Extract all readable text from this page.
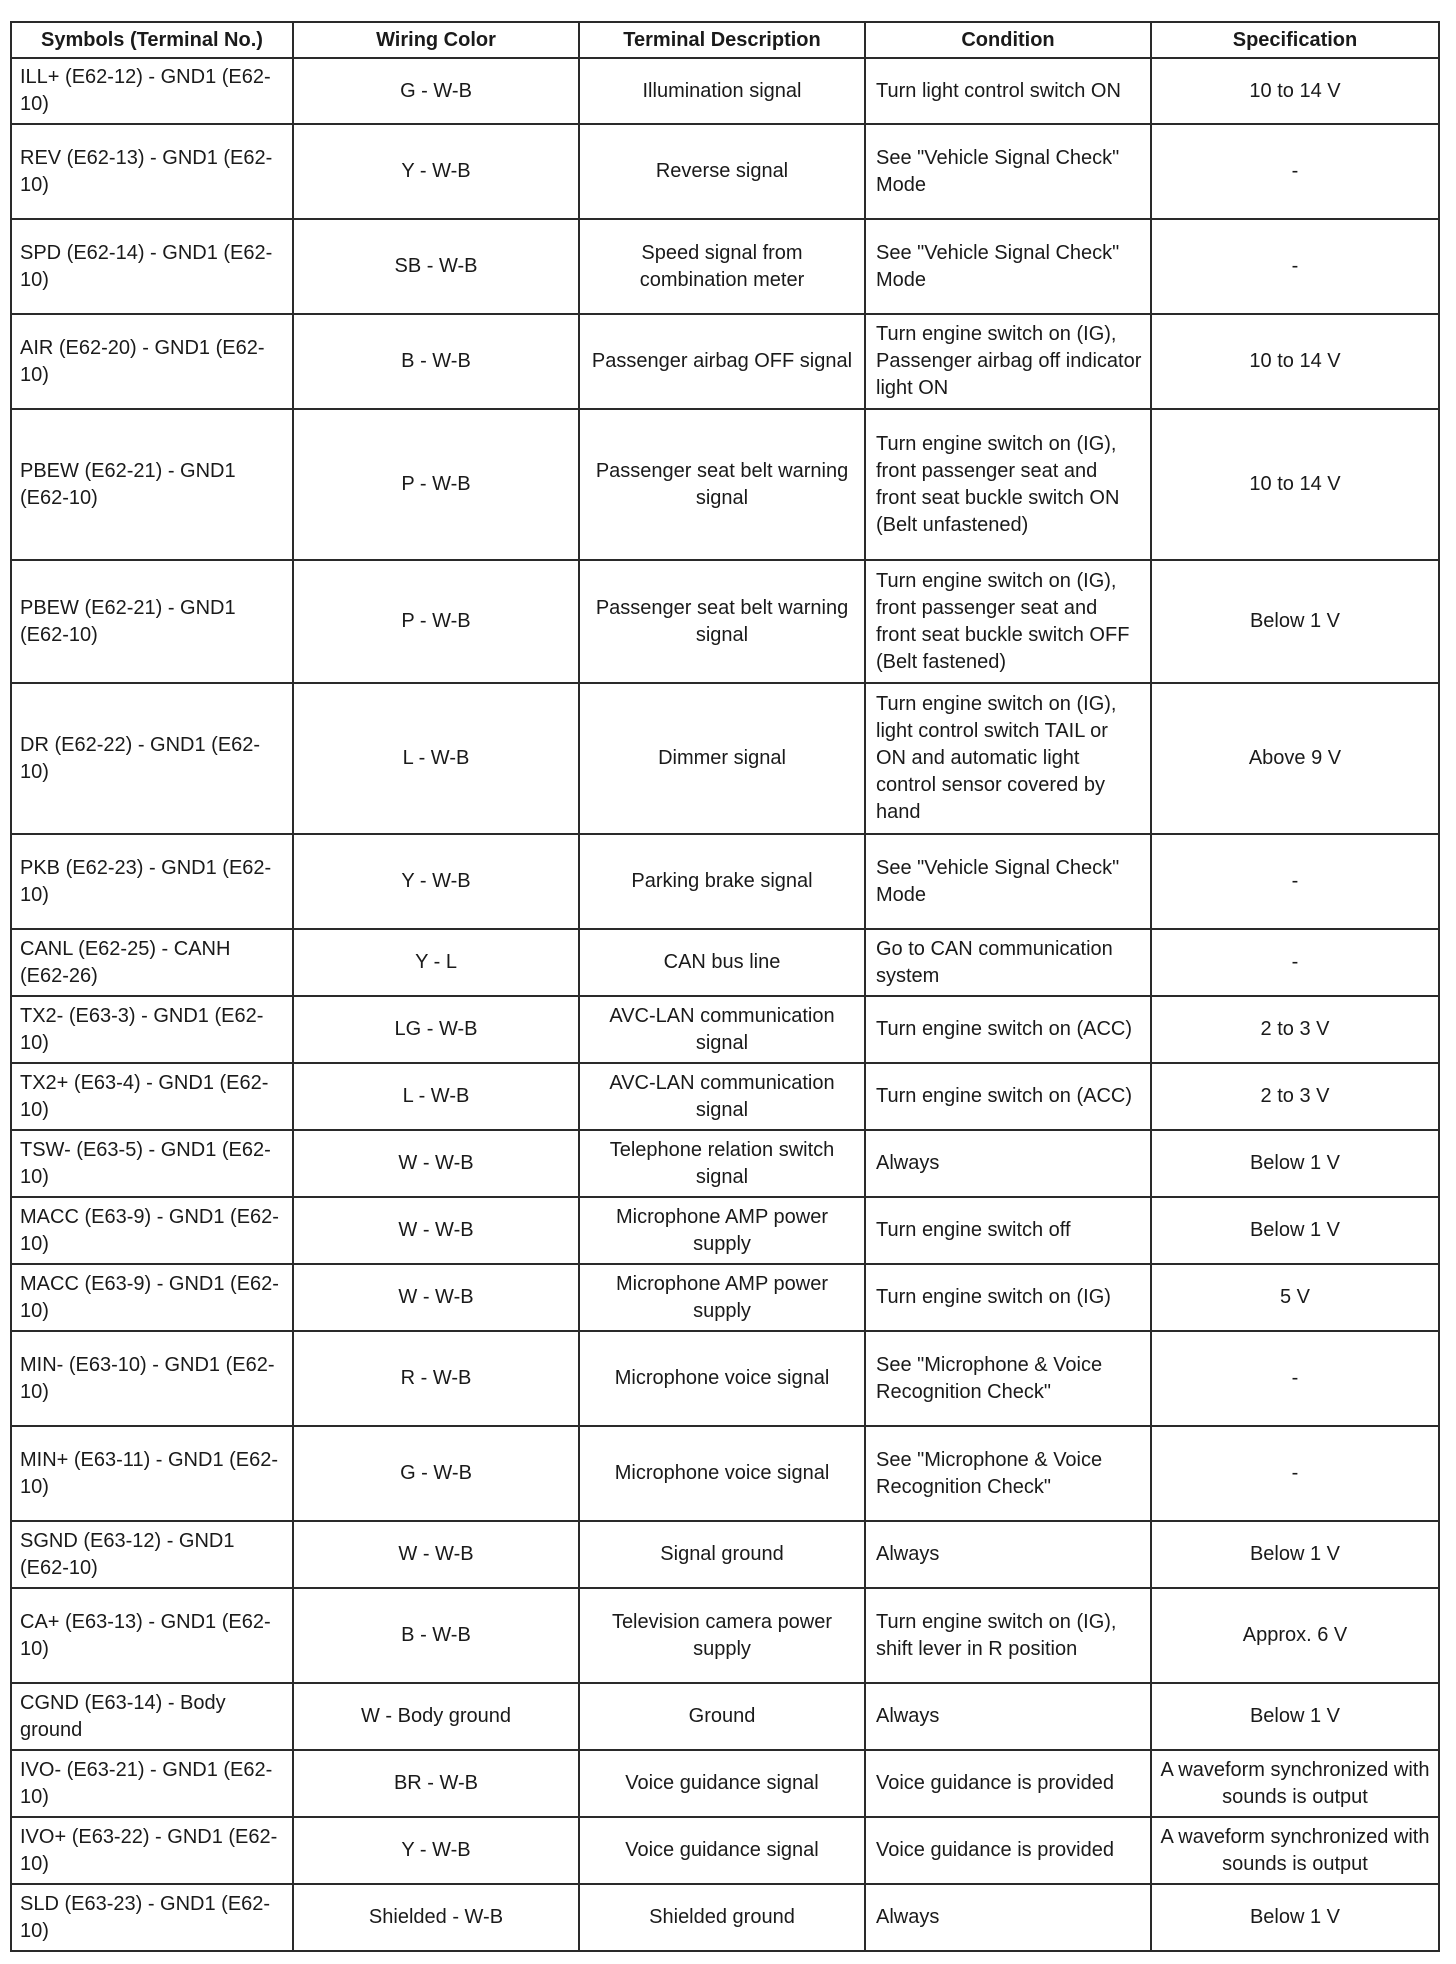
Symbols (Terminal No.)	Wiring Color	Terminal Description	Condition	Specification
ILL+ (E62-12) - GND1 (E62-10)	G - W-B	Illumination signal	Turn light control switch ON	10 to 14 V
REV (E62-13) - GND1 (E62-10)	Y - W-B	Reverse signal	See "Vehicle Signal Check" Mode	-
SPD (E62-14) - GND1 (E62-10)	SB - W-B	Speed signal from combination meter	See "Vehicle Signal Check" Mode	-
AIR (E62-20) - GND1 (E62-10)	B - W-B	Passenger airbag OFF signal	Turn engine switch on (IG), Passenger airbag off indicator light ON	10 to 14 V
PBEW (E62-21) - GND1 (E62-10)	P - W-B	Passenger seat belt warning signal	Turn engine switch on (IG), front passenger seat and front seat buckle switch ON (Belt unfastened)	10 to 14 V
PBEW (E62-21) - GND1 (E62-10)	P - W-B	Passenger seat belt warning signal	Turn engine switch on (IG), front passenger seat and front seat buckle switch OFF (Belt fastened)	Below 1 V
DR (E62-22) - GND1 (E62-10)	L - W-B	Dimmer signal	Turn engine switch on (IG), light control switch TAIL or ON and automatic light control sensor covered by hand	Above 9 V
PKB (E62-23) - GND1 (E62-10)	Y - W-B	Parking brake signal	See "Vehicle Signal Check" Mode	-
CANL (E62-25) - CANH (E62-26)	Y - L	CAN bus line	Go to CAN communication system	-
TX2- (E63-3) - GND1 (E62-10)	LG - W-B	AVC-LAN communication signal	Turn engine switch on (ACC)	2 to 3 V
TX2+ (E63-4) - GND1 (E62-10)	L - W-B	AVC-LAN communication signal	Turn engine switch on (ACC)	2 to 3 V
TSW- (E63-5) - GND1 (E62-10)	W - W-B	Telephone relation switch signal	Always	Below 1 V
MACC (E63-9) - GND1 (E62-10)	W - W-B	Microphone AMP power supply	Turn engine switch off	Below 1 V
MACC (E63-9) - GND1 (E62-10)	W - W-B	Microphone AMP power supply	Turn engine switch on (IG)	5 V
MIN- (E63-10) - GND1 (E62-10)	R - W-B	Microphone voice signal	See "Microphone & Voice Recognition Check"	-
MIN+ (E63-11) - GND1 (E62-10)	G - W-B	Microphone voice signal	See "Microphone & Voice Recognition Check"	-
SGND (E63-12) - GND1 (E62-10)	W - W-B	Signal ground	Always	Below 1 V
CA+ (E63-13) - GND1 (E62-10)	B - W-B	Television camera power supply	Turn engine switch on (IG), shift lever in R position	Approx. 6 V
CGND (E63-14) - Body ground	W - Body ground	Ground	Always	Below 1 V
IVO- (E63-21) - GND1 (E62-10)	BR - W-B	Voice guidance signal	Voice guidance is provided	A waveform synchronized with sounds is output
IVO+ (E63-22) - GND1 (E62-10)	Y - W-B	Voice guidance signal	Voice guidance is provided	A waveform synchronized with sounds is output
SLD (E63-23) - GND1 (E62-10)	Shielded - W-B	Shielded ground	Always	Below 1 V
